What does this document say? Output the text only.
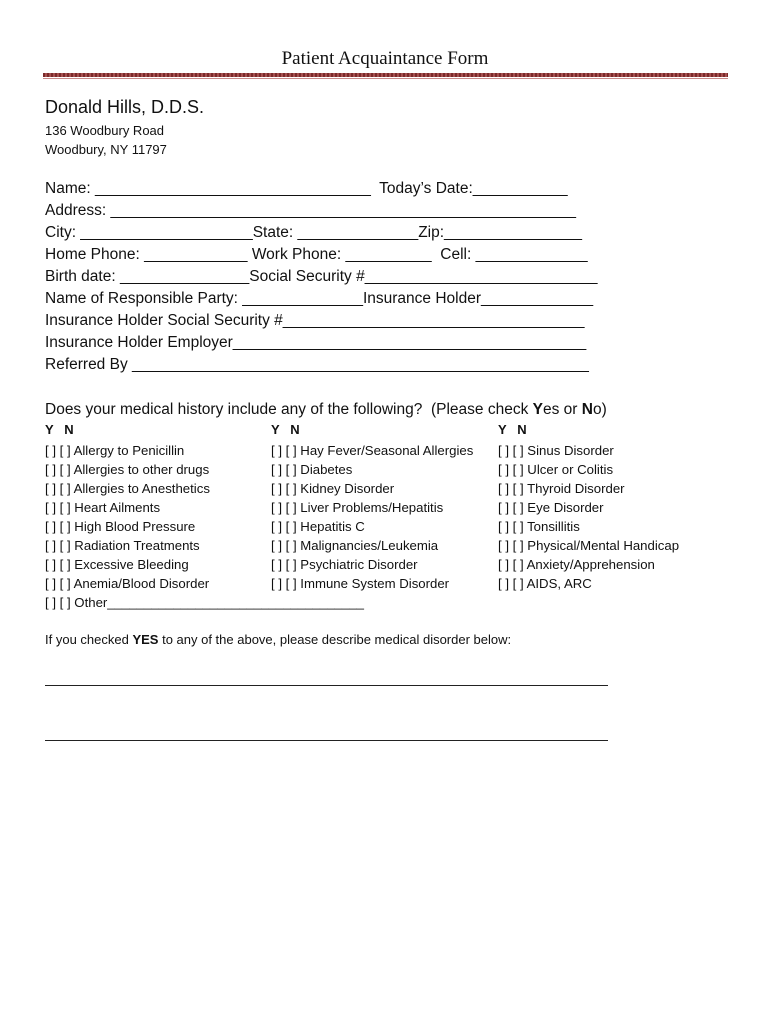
Patient Acquaintance Form
Donald Hills, D.D.S.
136 Woodbury Road
Woodbury, NY 11797
Name: ________________________________  Today’s Date:___________
Address: ______________________________________________________
City: ____________________State: ______________Zip:________________
Home Phone: ____________ Work Phone: __________  Cell: _____________
Birth date: _______________Social Security #___________________________
Name of Responsible Party: ______________Insurance Holder_____________
Insurance Holder Social Security #___________________________________
Insurance Holder Employer_________________________________________
Referred By _____________________________________________________
Does your medical history include any of the following?  (Please check Yes or No)
Y   N	Y   N	Y   N
[ ] [ ] Allergy to Penicillin
[ ] [ ] Allergies to other drugs
[ ] [ ] Allergies to Anesthetics
[ ] [ ] Heart Ailments
[ ] [ ] High Blood Pressure
[ ] [ ] Radiation Treatments
[ ] [ ] Excessive Bleeding
[ ] [ ] Anemia/Blood Disorder
[ ] [ ] Other___________________________________
[ ] [ ] Hay Fever/Seasonal Allergies
[ ] [ ] Diabetes
[ ] [ ] Kidney Disorder
[ ] [ ] Liver Problems/Hepatitis
[ ] [ ] Hepatitis C
[ ] [ ] Malignancies/Leukemia
[ ] [ ] Psychiatric Disorder
[ ] [ ] Immune System Disorder
[ ] [ ] Sinus Disorder
[ ] [ ] Ulcer or Colitis
[ ] [ ] Thyroid Disorder
[ ] [ ] Eye Disorder
[ ] [ ] Tonsillitis
[ ] [ ] Physical/Mental Handicap
[ ] [ ] Anxiety/Apprehension
[ ] [ ] AIDS, ARC
If you checked YES to any of the above, please describe medical disorder below:
